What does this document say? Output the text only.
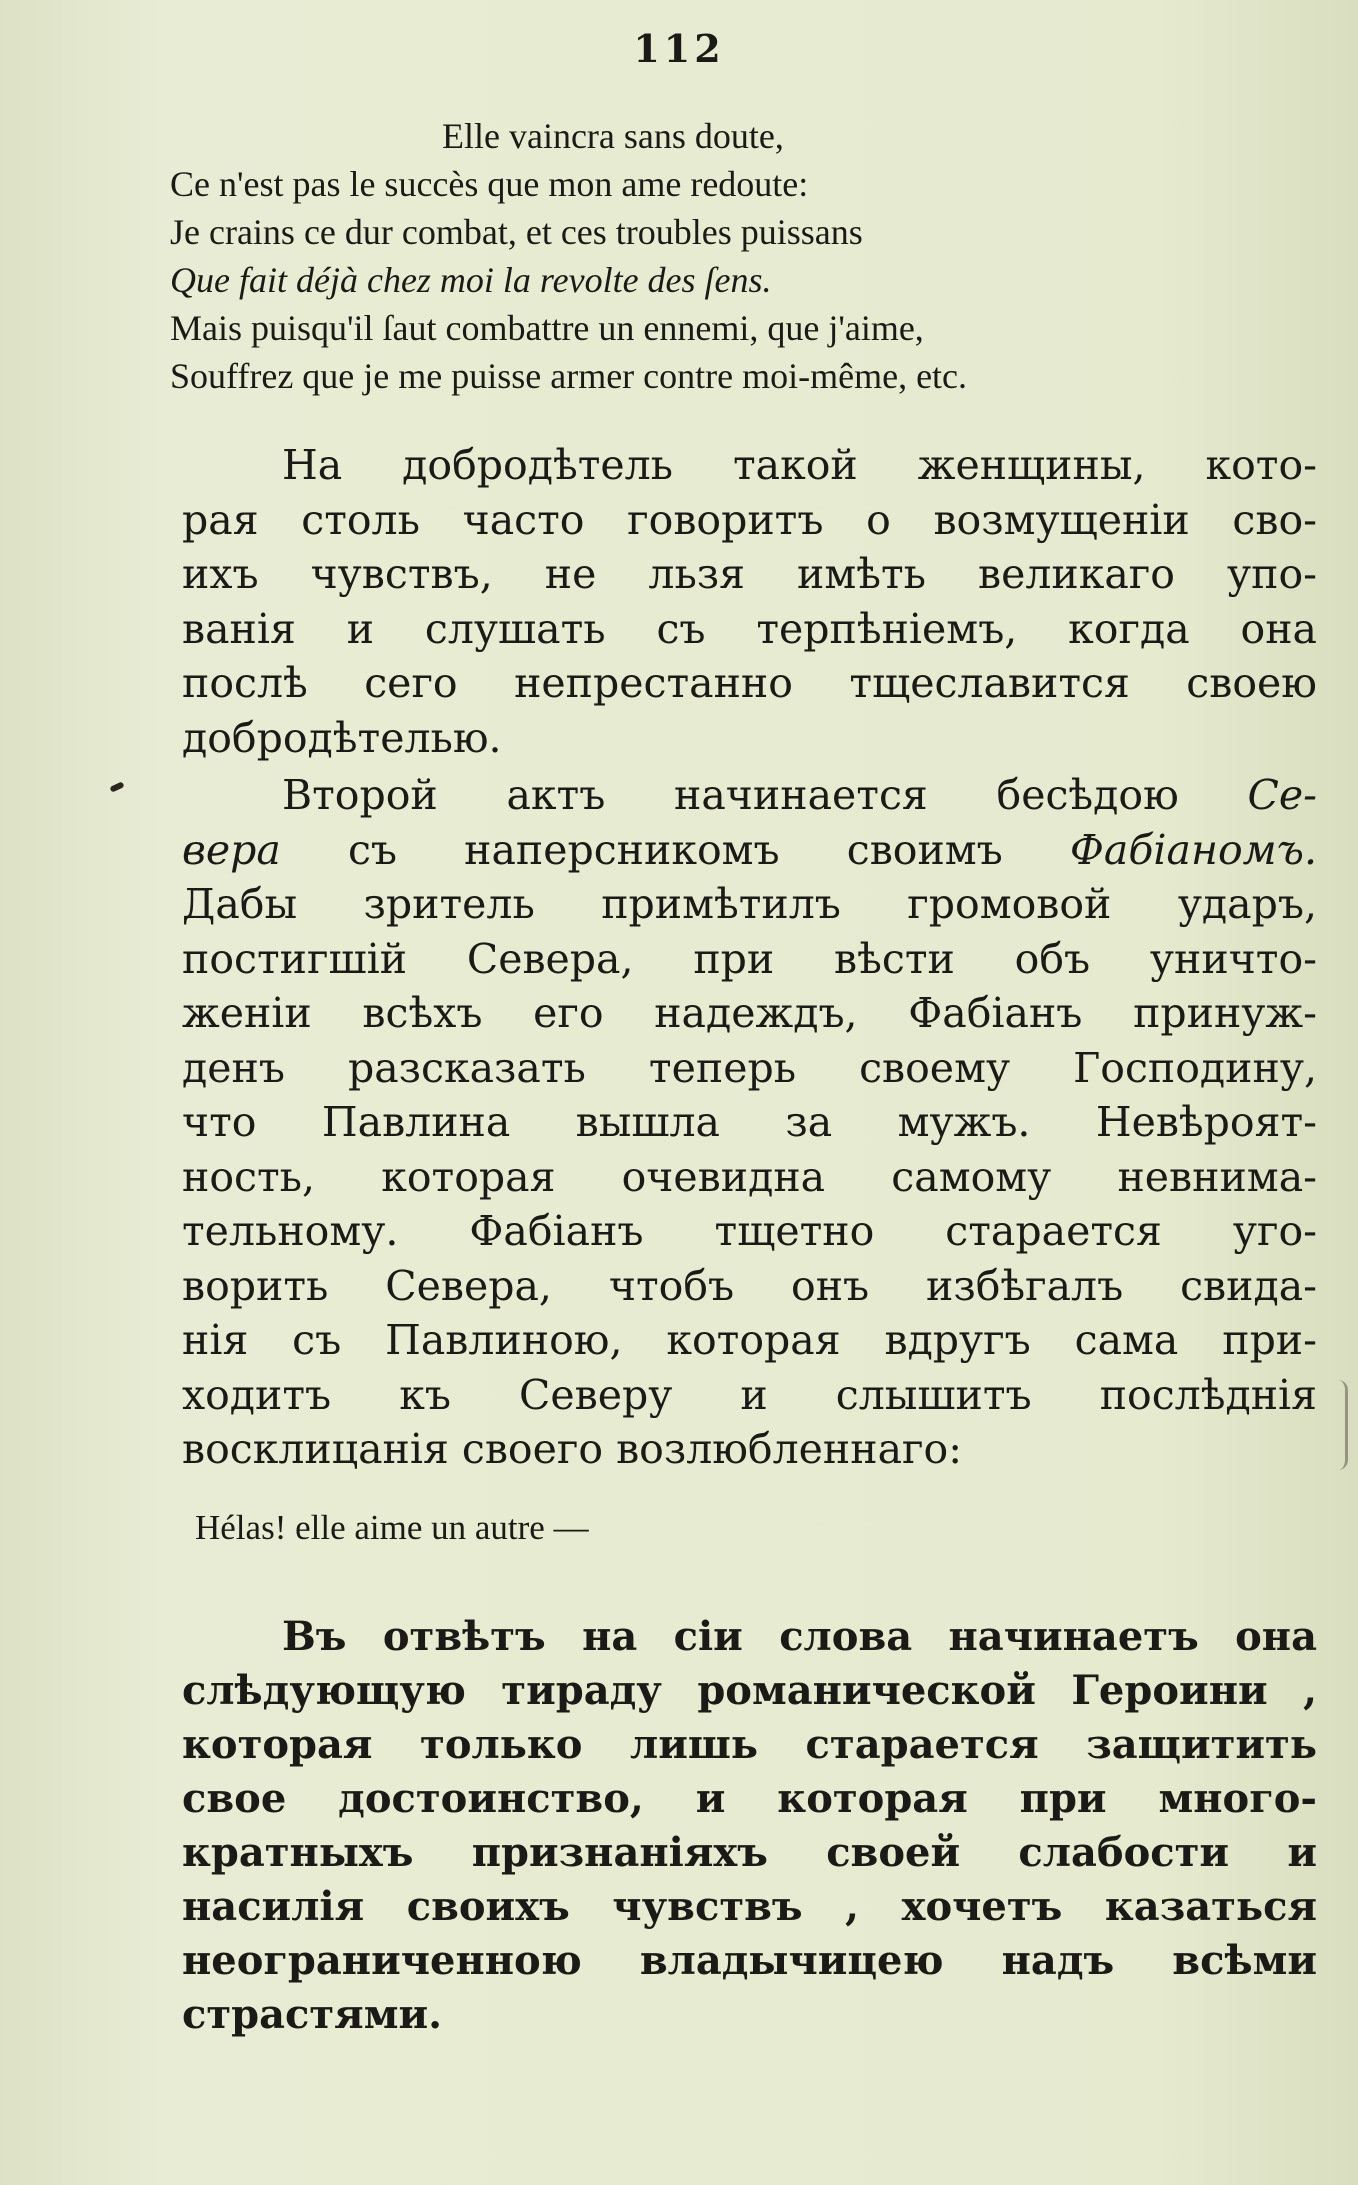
112
Elle vaincra sans doute,
Ce n'est pas le succès que mon ame redoute:
Je crains ce dur combat, et ces troubles puissans
Que fait déjà chez moi la revolte des ſens.
Mais puisqu'il ſaut combattre un ennemi, que j'aime,
Souffrez que je me puisse armer contre moi-même, etc.
На добродѣтель такой женщины, кото-
рая столь часто говоритъ о возмущеніи сво-
ихъ чувствъ, не льзя имѣть великаго упо-
ванія и слушать съ терпѣніемъ, когда она
послѣ сего непрестанно тщеславится своею
добродѣтелью.
Второй актъ начинается бесѣдою Се-
вера съ наперсникомъ своимъ Фабіаномъ.
Дабы зритель примѣтилъ громовой ударъ,
постигшій Севера, при вѣсти объ уничто-
женіи всѣхъ его надеждъ, Фабіанъ принуж-
денъ разсказать теперь своему Господину,
что Павлина вышла за мужъ. Невѣроят-
ность, которая очевидна самому невнима-
тельному. Фабіанъ тщетно старается уго-
ворить Севера, чтобъ онъ избѣгалъ свида-
нія съ Павлиною, которая вдругъ сама при-
ходитъ къ Северу и слышитъ послѣднія
восклицанія своего возлюбленнаго:
Hélas! elle aime un autre —
Въ отвѣтъ на сіи слова начинаетъ она
слѣдующую тираду романической Героини ,
которая только лишь старается защитить
свое достоинство, и которая при много-
кратныхъ признаніяхъ своей слабости и
насилія своихъ чувствъ , хочетъ казаться
неограниченною владычицею надъ всѣми
страстями.
